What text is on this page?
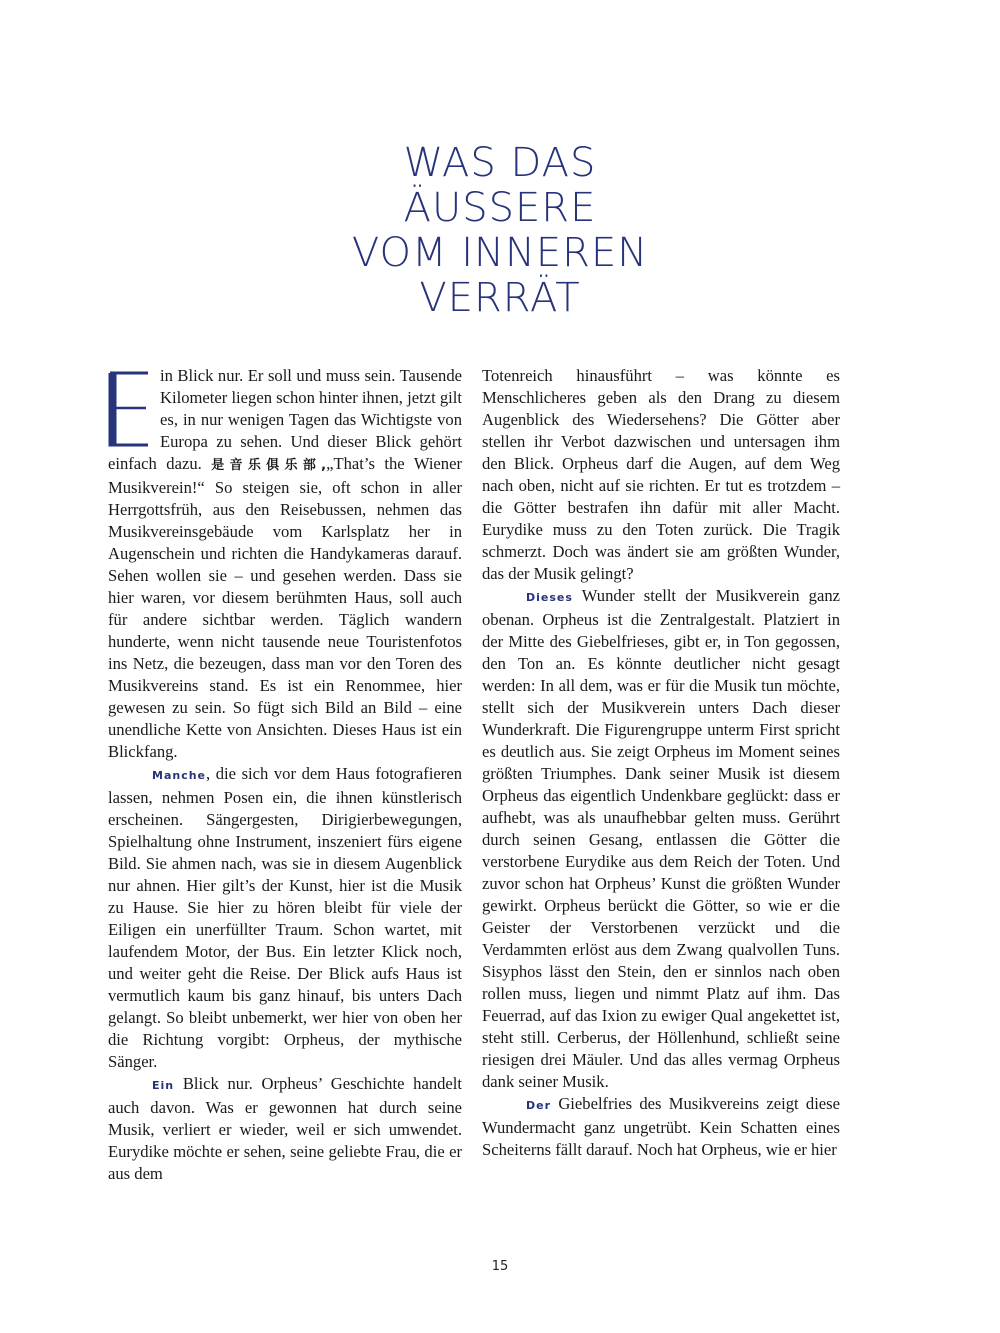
WAS DAS
ÄUSSERE
VOM INNEREN
VERRÄT

in Blick nur. Er soll und muss sein. Tausende Kilometer liegen schon hinter ihnen, jetzt gilt es, in nur wenigen Tagen das Wichtigste von Europa zu sehen. Und dieser Blick gehört einfach dazu. 是音乐俱乐部,„That’s the Wiener Musikverein!“ So steigen sie, oft schon in aller Herrgottsfrüh, aus den Reisebussen, nehmen das Musikvereinsgebäude vom Karlsplatz her in Augenschein und richten die Handykameras darauf. Sehen wollen sie – und gesehen werden. Dass sie hier waren, vor diesem berühmten Haus, soll auch für andere sichtbar werden. Täglich wandern hunderte, wenn nicht tausende neue Touristenfotos ins Netz, die bezeugen, dass man vor den Toren des Musikvereins stand. Es ist ein Renommee, hier gewesen zu sein. So fügt sich Bild an Bild – eine unendliche Kette von Ansichten. Dieses Haus ist ein Blickfang.

Manche, die sich vor dem Haus fotografieren lassen, nehmen Posen ein, die ihnen künstlerisch erscheinen. Sängergesten, Dirigierbewegungen, Spielhaltung ohne Instrument, inszeniert fürs eigene Bild. Sie ahmen nach, was sie in diesem Augenblick nur ahnen. Hier gilt’s der Kunst, hier ist die Musik zu Hause. Sie hier zu hören bleibt für viele der Eiligen ein unerfüllter Traum. Schon wartet, mit laufendem Motor, der Bus. Ein letzter Klick noch, und weiter geht die Reise. Der Blick aufs Haus ist vermutlich kaum bis ganz hinauf, bis unters Dach gelangt. So bleibt unbemerkt, wer hier von oben her die Richtung vorgibt: Orpheus, der mythische Sänger.

Ein Blick nur. Orpheus’ Geschichte handelt auch davon. Was er gewonnen hat durch seine Musik, verliert er wieder, weil er sich umwendet. Eurydike möchte er sehen, seine geliebte Frau, die er aus dem

Totenreich hinausführt – was könnte es Menschlicheres geben als den Drang zu diesem Augenblick des Wiedersehens? Die Götter aber stellen ihr Verbot dazwischen und untersagen ihm den Blick. Orpheus darf die Augen, auf dem Weg nach oben, nicht auf sie richten. Er tut es trotzdem – die Götter bestrafen ihn dafür mit aller Macht. Eurydike muss zu den Toten zurück. Die Tragik schmerzt. Doch was ändert sie am größten Wunder, das der Musik gelingt?

Dieses Wunder stellt der Musikverein ganz obenan. Orpheus ist die Zentralgestalt. Platziert in der Mitte des Giebelfrieses, gibt er, in Ton gegossen, den Ton an. Es könnte deutlicher nicht gesagt werden: In all dem, was er für die Musik tun möchte, stellt sich der Musikverein unters Dach dieser Wunderkraft. Die Figurengruppe unterm First spricht es deutlich aus. Sie zeigt Orpheus im Moment seines größten Triumphes. Dank seiner Musik ist diesem Orpheus das eigentlich Undenkbare geglückt: dass er aufhebt, was als unaufhebbar gelten muss. Gerührt durch seinen Gesang, entlassen die Götter die verstorbene Eurydike aus dem Reich der Toten. Und zuvor schon hat Orpheus’ Kunst die größten Wunder gewirkt. Orpheus berückt die Götter, so wie er die Geister der Verstorbenen verzückt und die Verdammten erlöst aus dem Zwang qualvollen Tuns. Sisyphos lässt den Stein, den er sinnlos nach oben rollen muss, liegen und nimmt Platz auf ihm. Das Feuerrad, auf das Ixion zu ewiger Qual angekettet ist, steht still. Cerberus, der Höllenhund, schließt seine riesigen drei Mäuler. Und das alles vermag Orpheus dank seiner Musik.

Der Giebelfries des Musikvereins zeigt diese Wundermacht ganz ungetrübt. Kein Schatten eines Scheiterns fällt darauf. Noch hat Orpheus, wie er hier

15
